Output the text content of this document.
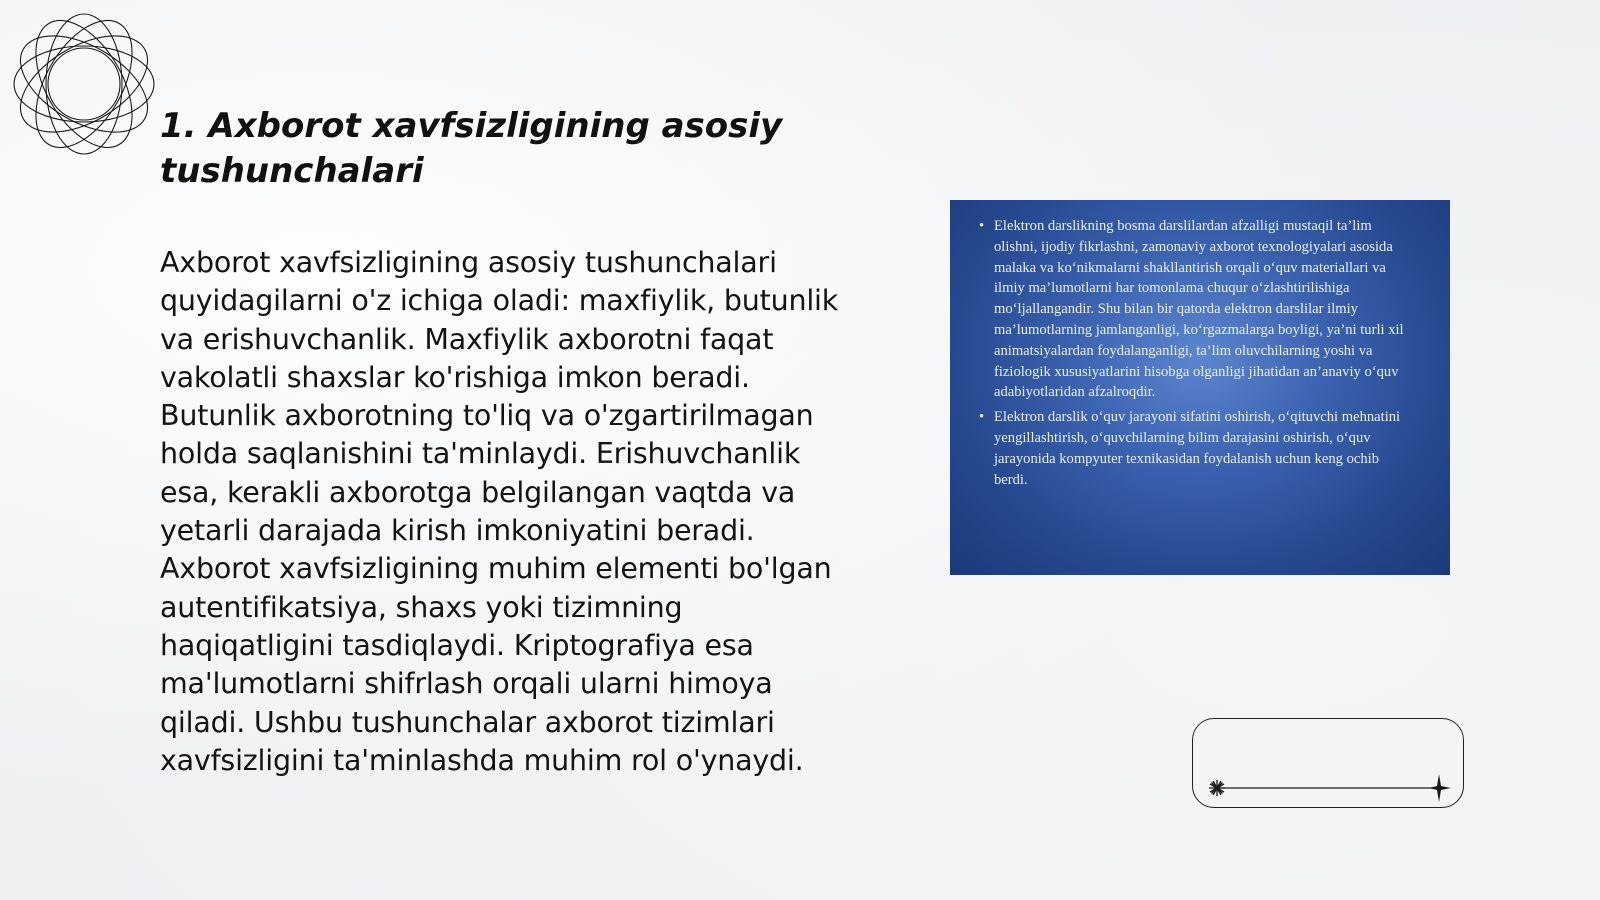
1. Axborot xavfsizligining asosiy tushunchalari

Axborot xavfsizligining asosiy tushunchalari quyidagilarni o'z ichiga oladi: maxfiylik, butunlik va erishuvchanlik. Maxfiylik axborotni faqat vakolatli shaxslar ko'rishiga imkon beradi. Butunlik axborotning to'liq va o'zgartirilmagan holda saqlanishini ta'minlaydi. Erishuvchanlik esa, kerakli axborotga belgilangan vaqtda va yetarli darajada kirish imkoniyatini beradi. Axborot xavfsizligining muhim elementi bo'lgan autentifikatsiya, shaxs yoki tizimning haqiqatligini tasdiqlaydi. Kriptografiya esa ma'lumotlarni shifrlash orqali ularni himoya qiladi. Ushbu tushunchalar axborot tizimlari xavfsizligini ta'minlashda muhim rol o'ynaydi.

• Elektron darslikning bosma darslilardan afzalligi mustaqil ta’lim olishni, ijodiy fikrlashni, zamonaviy axborot texnologiyalari asosida malaka va ko‘nikmalarni shakllantirish orqali o‘quv materiallari va ilmiy ma’lumotlarni har tomonlama chuqur o‘zlashtirilishiga mo‘ljallangandir. Shu bilan bir qatorda elektron darslilar ilmiy ma’lumotlarning jamlanganligi, ko‘rgazmalarga boyligi, ya’ni turli xil animatsiyalardan foydalanganligi, ta’lim oluvchilarning yoshi va fiziologik xususiyatlarini hisobga olganligi jihatidan an’anaviy o‘quv adabiyotlaridan afzalroqdir.
• Elektron darslik o‘quv jarayoni sifatini oshirish, o‘qituvchi mehnatini yengillashtirish, o‘quvchilarning bilim darajasini oshirish, o‘quv jarayonida kompyuter texnikasidan foydalanish uchun keng ochib berdi.
